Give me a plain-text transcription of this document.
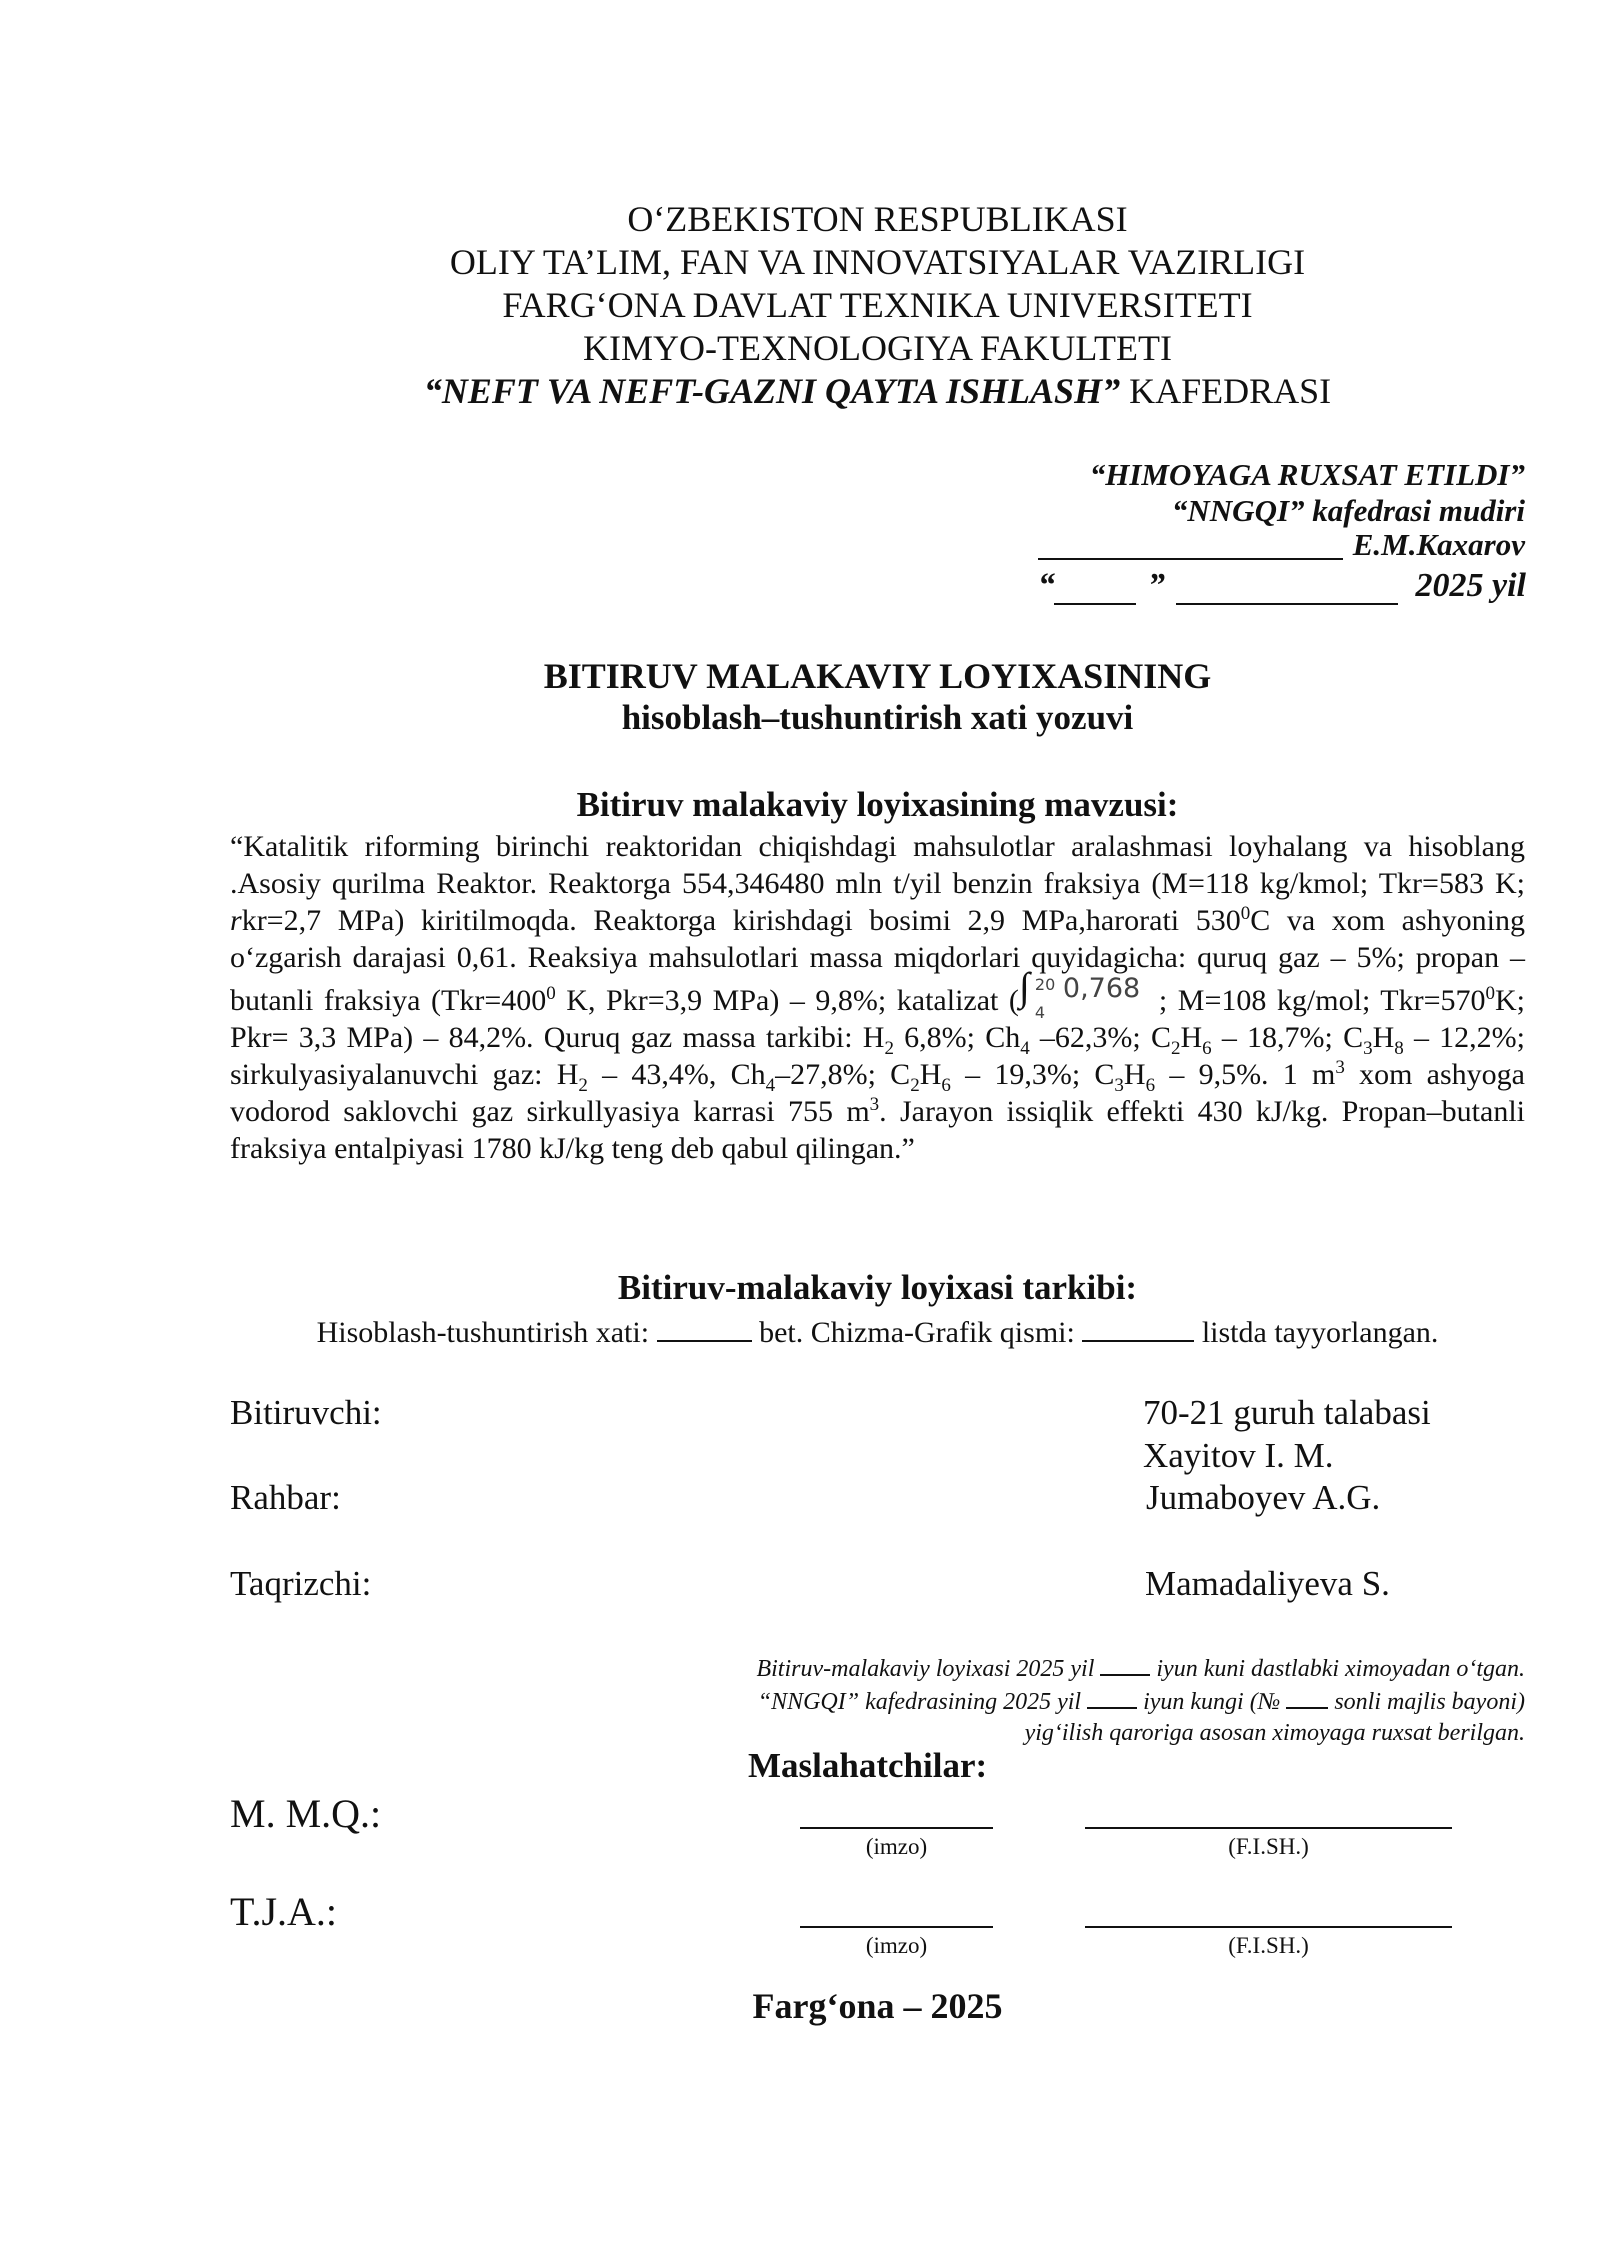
O‘ZBEKISTON RESPUBLIKASI
OLIY TA’LIM, FAN VA INNOVATSIYALAR VAZIRLIGI
FARG‘ONA DAVLAT TEXNIKA UNIVERSITETI
KIMYO-TEXNOLOGIYA FAKULTETI
“NEFT VA NEFT-GAZNI QAYTA ISHLASH” KAFEDRASI
“HIMOYAGA RUXSAT ETILDI”
“NNGQI” kafedrasi mudiri
E.M.Kaxarov
“	”	2025 yil
BITIRUV MALAKAVIY LOYIXASINING
hisoblash–tushuntirish xati yozuvi
Bitiruv malakaviy loyixasining mavzusi:
“Katalitik riforming birinchi reaktoridan chiqishdagi mahsulotlar aralashmasi loyhalang va hisoblang .Asosiy qurilma Reaktor. Reaktorga 554,346480 mln t/yil benzin fraksiya (M=118 kg/kmol; Tkr=583 K; rkr=2,7 MPa) kiritilmoqda. Reaktorga kirishdagi bosimi 2,9 MPa,harorati $530^0C$ va xom ashyoning o‘zgarish darajasi 0,61. Reaksiya mahsulotlari massa miqdorlari quyidagicha: quruq gaz – 5%; propan – butanli fraksiya ($Tkr=400^0$ K, Pkr=3,9 MPa) – 9,8%; katalizat ( ∫ 20
4
0,768 ; M=108 kg/mol; $Tkr=570^0K$; Pkr= 3,3 MPa) – 84,2%. Quruq gaz massa tarkibi: $H_2$ 6,8%; $Ch_4$ –62,3%; $C_2H_6 - 18,7\%$; $C_3H_8 - 12,2\%$; sirkulyasiyalanuvchi gaz: $H_2 - 43,4\%$, $Ch_4-27,8\%$; $C_2H_6 - 19,3\%$; $C_3H_6 - 9,5\%$. 1 $m^3$ xom ashyoga vodorod saklovchi gaz sirkullyasiya karrasi 755 $m^3$. Jarayon issiqlik effekti 430 kJ/kg. Propan–butanli fraksiya entalpiyasi 1780 kJ/kg teng deb qabul qilingan.”
Bitiruv-malakaviy loyixasi tarkibi:
Hisoblash-tushuntirish xati:	bet. Chizma-Grafik qismi:	listda tayyorlangan.
Bitiruvchi:	70-21 guruh talabasi
Xayitov I. M.
Rahbar:	Jumaboyev A.G.
Taqrizchi:	Mamadaliyeva S.
Bitiruv-malakaviy loyixasi 2025 yil  iyun kuni dastlabki ximoyadan o‘tgan.
“NNGQI” kafedrasining 2025 yil  iyun kungi (№  sonli majlis bayoni)
yig‘ilish qaroriga asosan ximoyaga ruxsat berilgan.
Maslahatchilar:
M. M.Q.:
(imzo)	(F.I.SH.)
T.J.A.:
(imzo)	(F.I.SH.)
Farg‘ona – 2025
